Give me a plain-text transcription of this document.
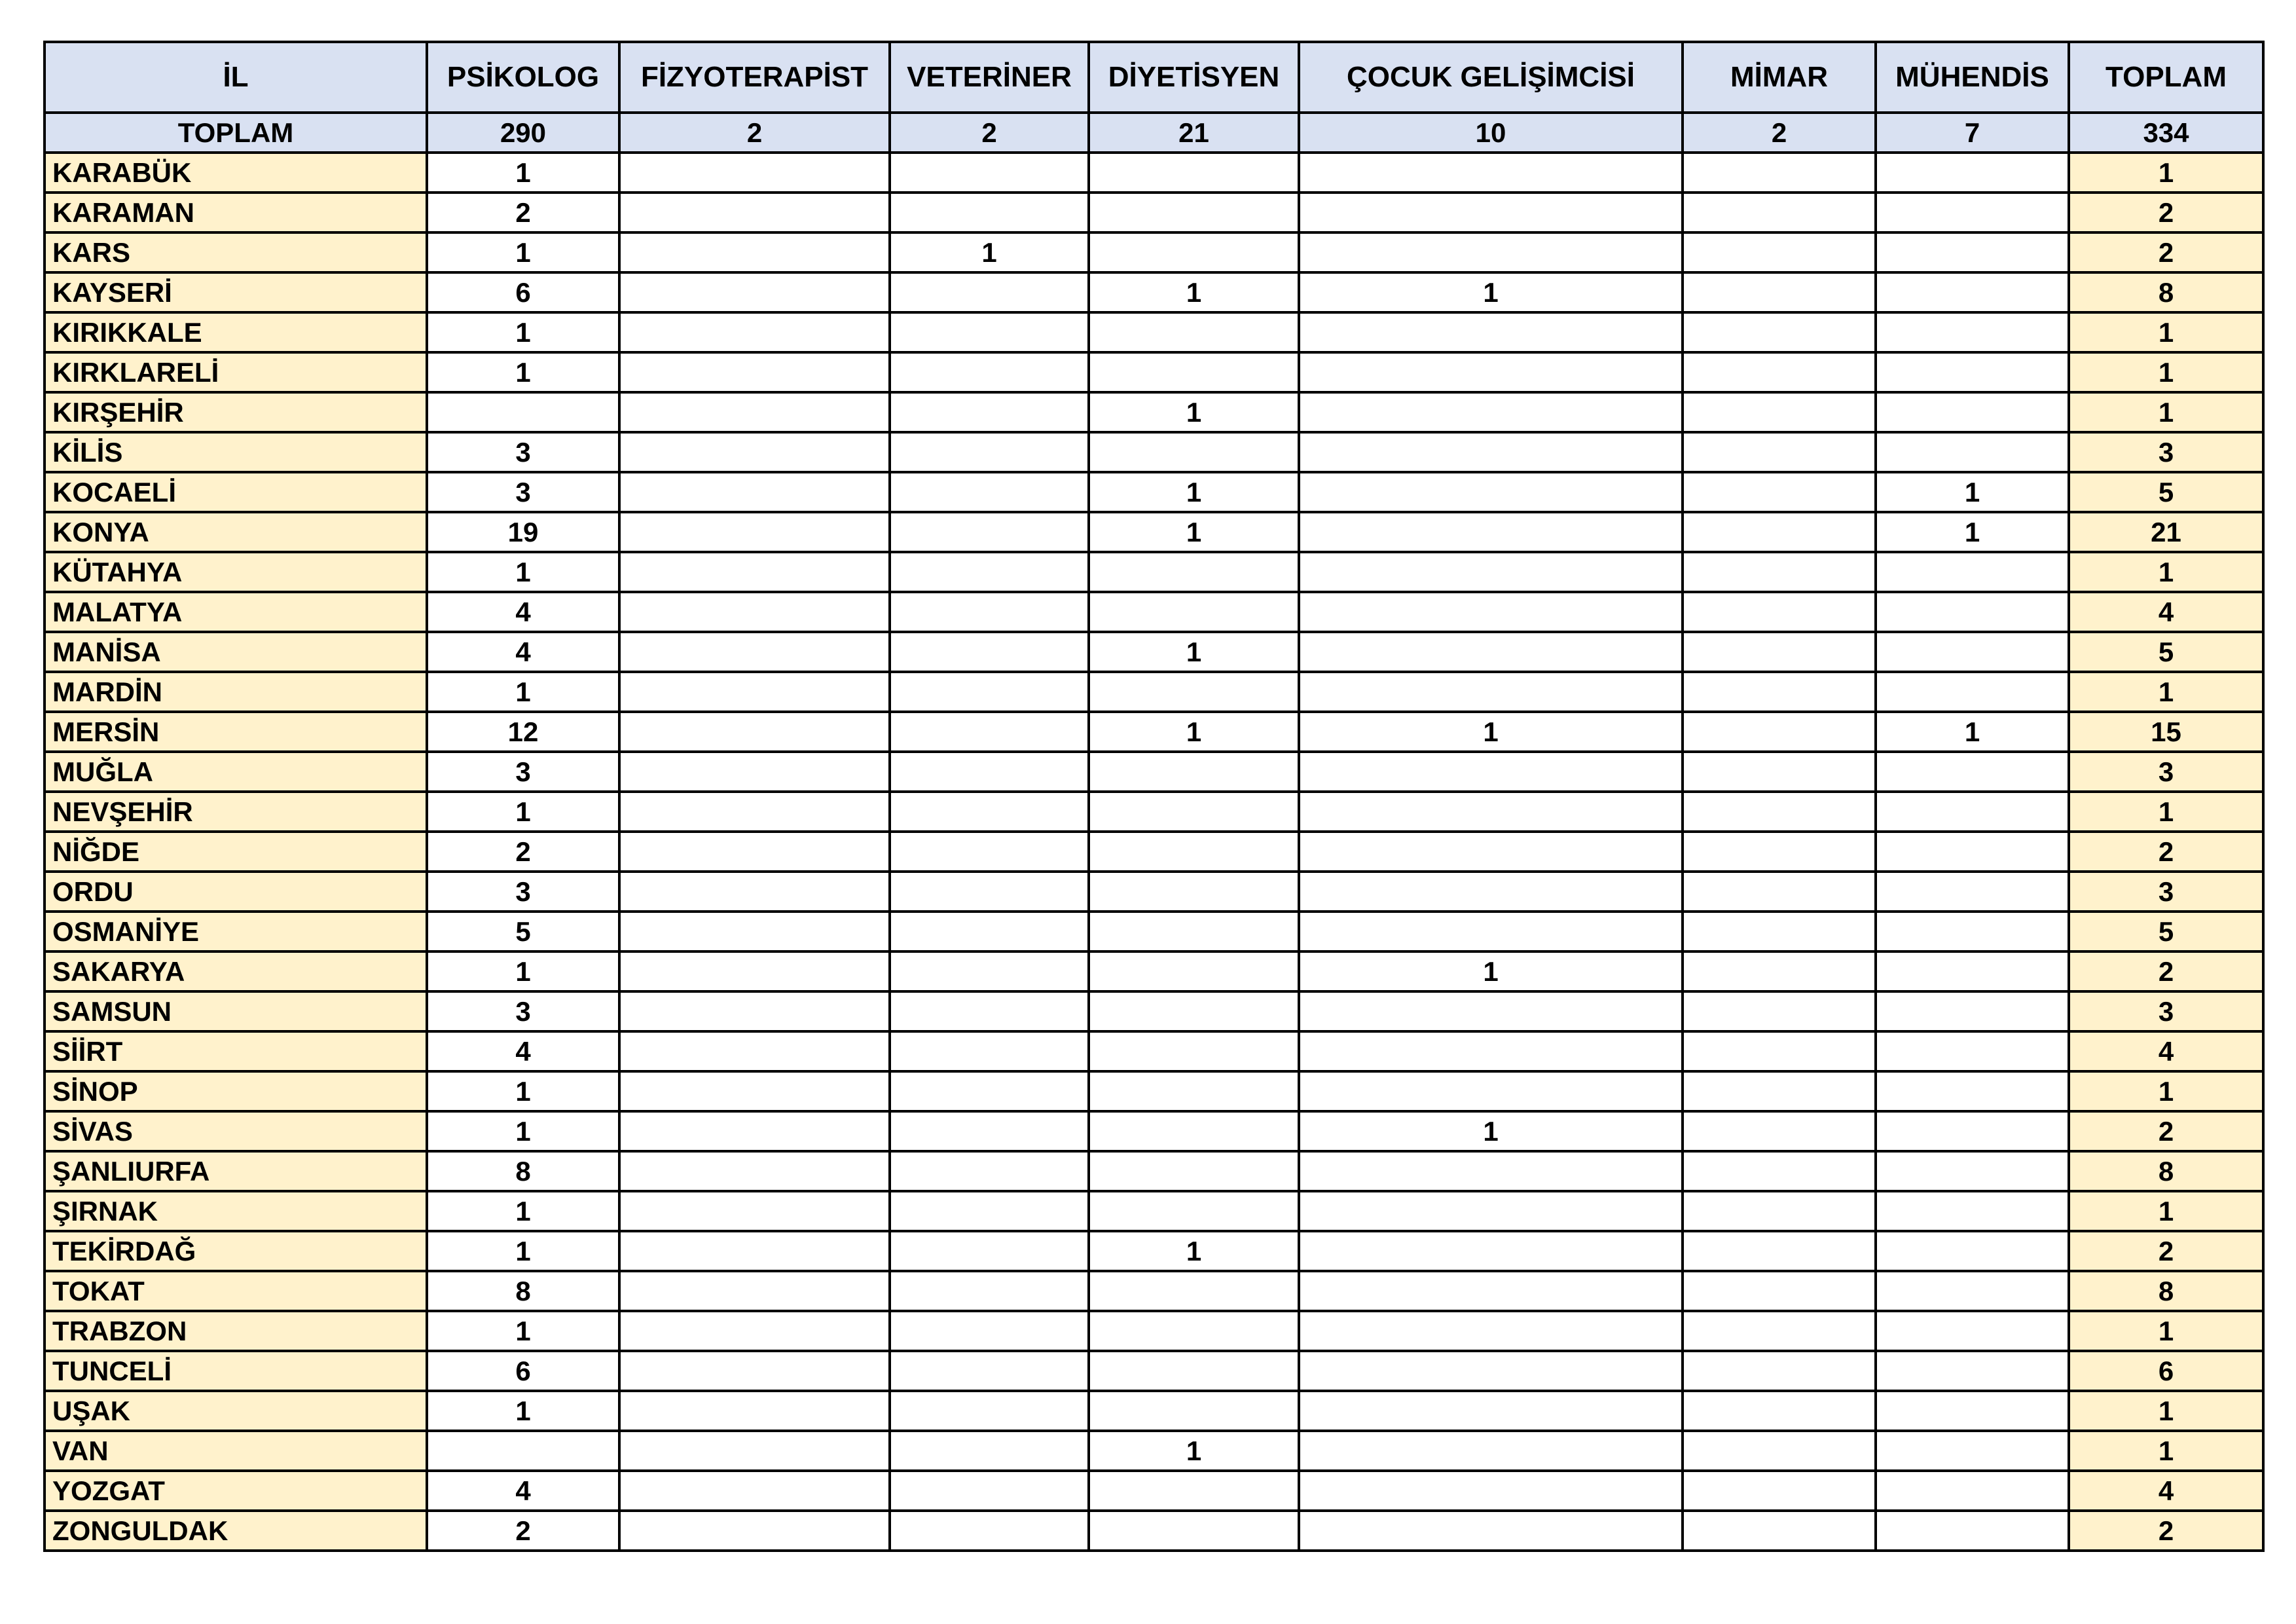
İL	PSİKOLOG	FİZYOTERAPİST	VETERİNER	DİYETİSYEN	ÇOCUK GELİŞİMCİSİ	MİMAR	MÜHENDİS	TOPLAM
TOPLAM	290	2	2	21	10	2	7	334
KARABÜK	1							1
KARAMAN	2							2
KARS	1		1					2
KAYSERİ	6			1	1			8
KIRIKKALE	1							1
KIRKLARELİ	1							1
KIRŞEHİR				1				1
KİLİS	3							3
KOCAELİ	3			1			1	5
KONYA	19			1			1	21
KÜTAHYA	1							1
MALATYA	4							4
MANİSA	4			1				5
MARDİN	1							1
MERSİN	12			1	1		1	15
MUĞLA	3							3
NEVŞEHİR	1							1
NİĞDE	2							2
ORDU	3							3
OSMANİYE	5							5
SAKARYA	1				1			2
SAMSUN	3							3
SİİRT	4							4
SİNOP	1							1
SİVAS	1				1			2
ŞANLIURFA	8							8
ŞIRNAK	1							1
TEKİRDAĞ	1			1				2
TOKAT	8							8
TRABZON	1							1
TUNCELİ	6							6
UŞAK	1							1
VAN				1				1
YOZGAT	4							4
ZONGULDAK	2							2
